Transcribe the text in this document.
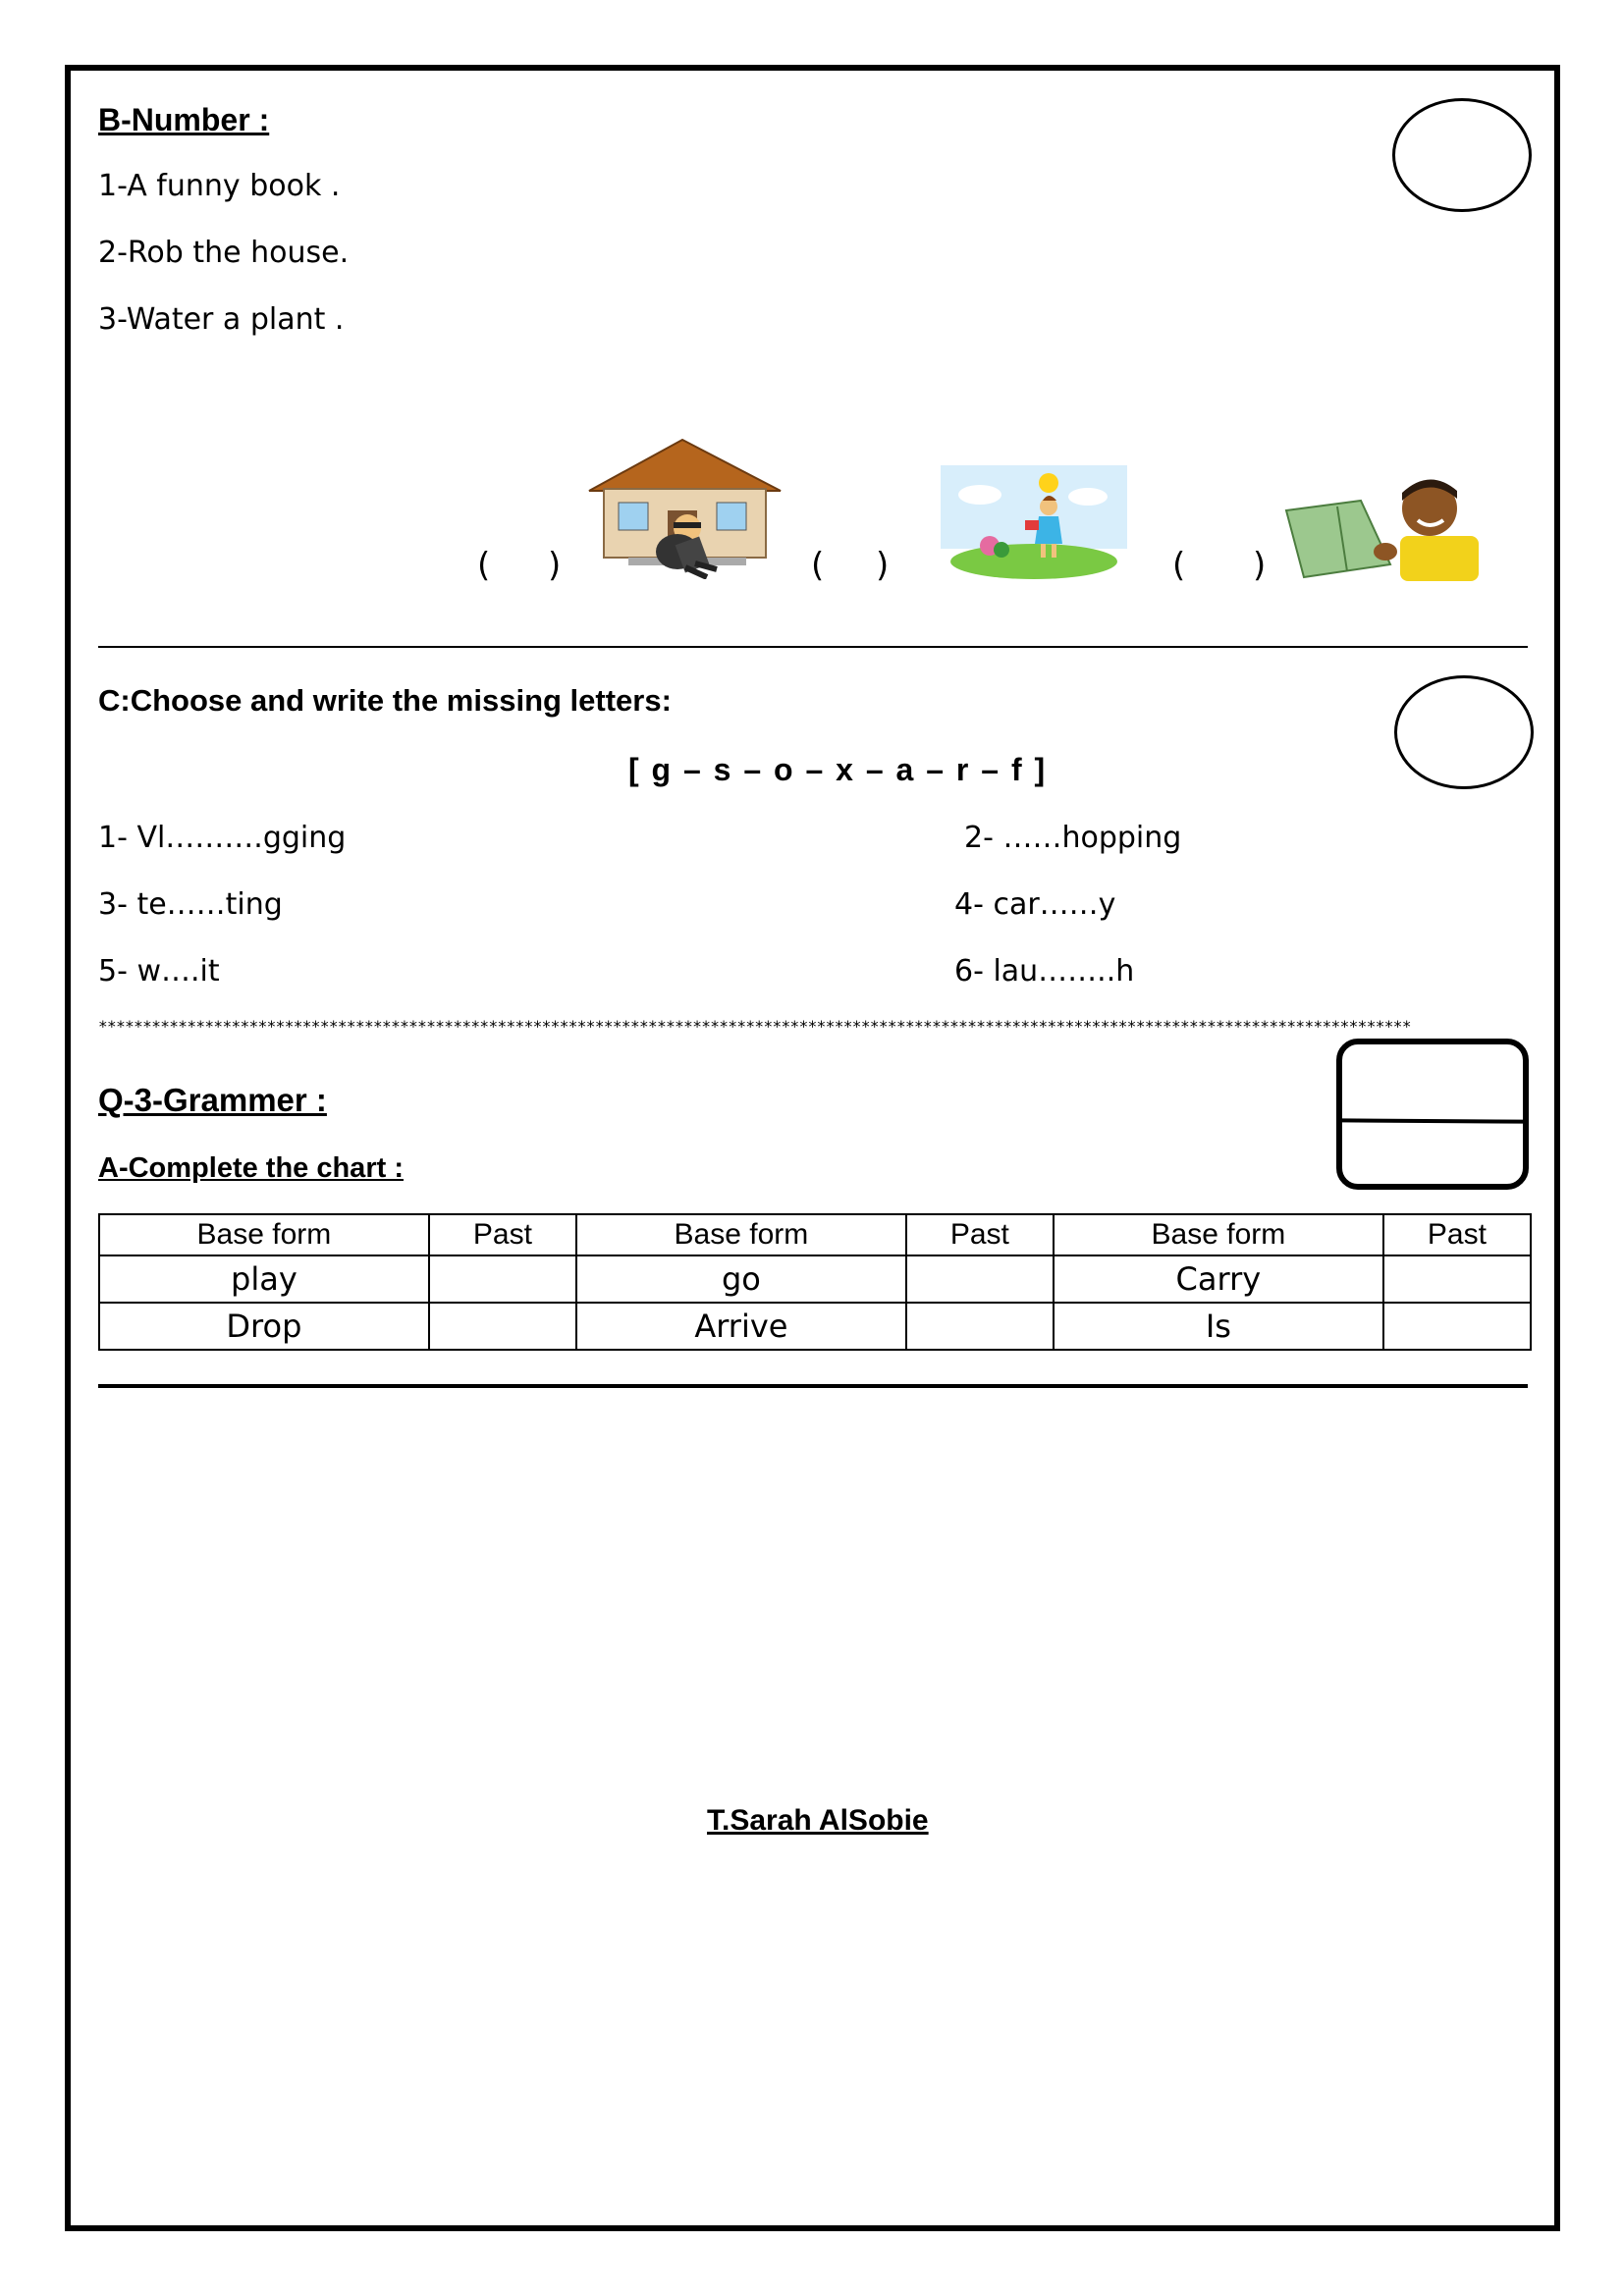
B-Number :
1-A funny book .
2-Rob the house.
3-Water a plant .
( )	( )	( )
C:Choose and write the missing letters:
[ g – s – o – x – a – r – f ]
1- Vl……….gging	2- ……hopping
3- te……ting	4- car……y
5- w….it	6- lau……..h
****************************************************************************************************************************************************
Q-3-Grammer :
A-Complete the chart :
Base form	Past	Base form	Past	Base form	Past
play		go		Carry	
Drop		Arrive		Is	
T.Sarah AlSobie
